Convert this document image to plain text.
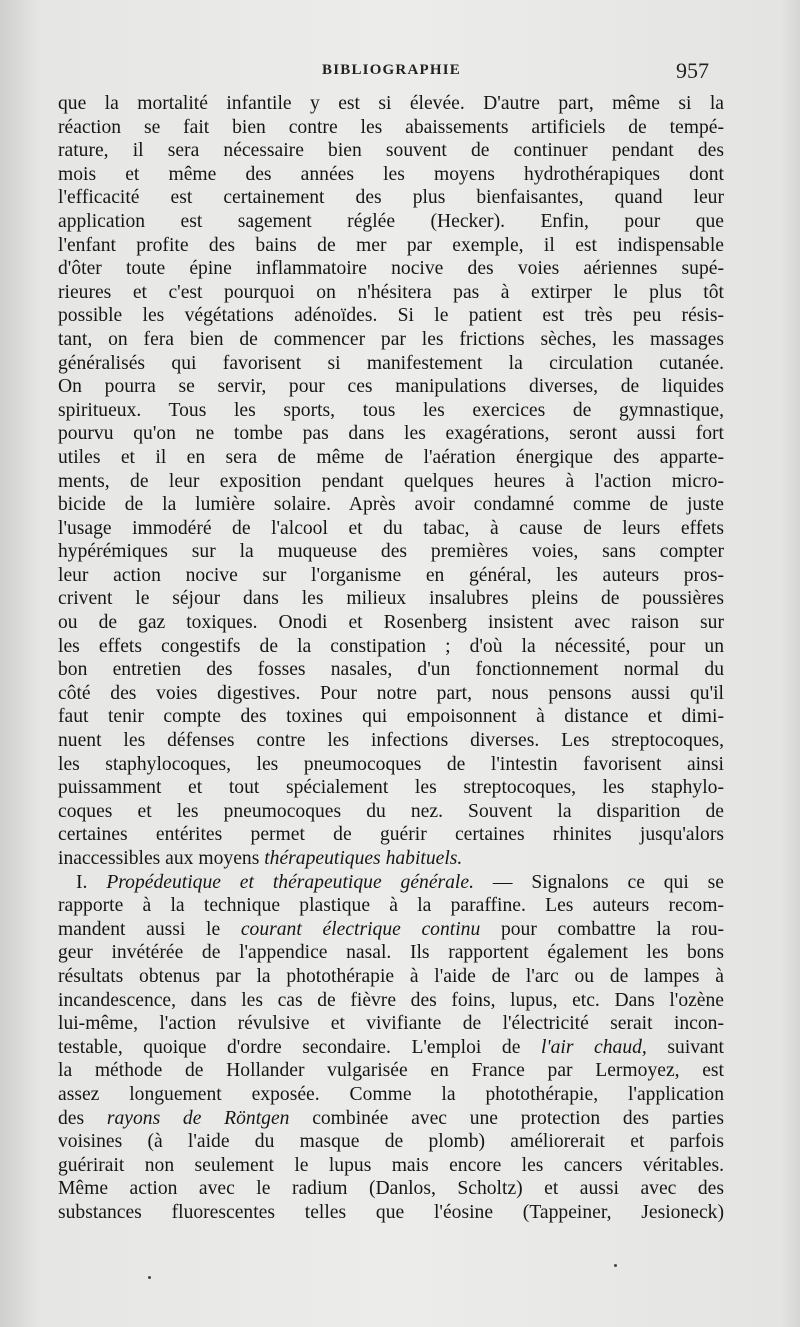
BIBLIOGRAPHIE	957
que la mortalité infantile y est si élevée. D'autre part, même si la
réaction se fait bien contre les abaissements artificiels de tempé-
rature, il sera nécessaire bien souvent de continuer pendant des
mois et même des années les moyens hydrothérapiques dont
l'efficacité est certainement des plus bienfaisantes, quand leur
application est sagement réglée (Hecker). Enfin, pour que
l'enfant profite des bains de mer par exemple, il est indispensable
d'ôter toute épine inflammatoire nocive des voies aériennes supé-
rieures et c'est pourquoi on n'hésitera pas à extirper le plus tôt
possible les végétations adénoïdes. Si le patient est très peu résis-
tant, on fera bien de commencer par les frictions sèches, les massages
généralisés qui favorisent si manifestement la circulation cutanée.
On pourra se servir, pour ces manipulations diverses, de liquides
spiritueux. Tous les sports, tous les exercices de gymnastique,
pourvu qu'on ne tombe pas dans les exagérations, seront aussi fort
utiles et il en sera de même de l'aération énergique des apparte-
ments, de leur exposition pendant quelques heures à l'action micro-
bicide de la lumière solaire. Après avoir condamné comme de juste
l'usage immodéré de l'alcool et du tabac, à cause de leurs effets
hypérémiques sur la muqueuse des premières voies, sans compter
leur action nocive sur l'organisme en général, les auteurs pros-
crivent le séjour dans les milieux insalubres pleins de poussières
ou de gaz toxiques. Onodi et Rosenberg insistent avec raison sur
les effets congestifs de la constipation ; d'où la nécessité, pour un
bon entretien des fosses nasales, d'un fonctionnement normal du
côté des voies digestives. Pour notre part, nous pensons aussi qu'il
faut tenir compte des toxines qui empoisonnent à distance et dimi-
nuent les défenses contre les infections diverses. Les streptocoques,
les staphylocoques, les pneumocoques de l'intestin favorisent ainsi
puissamment et tout spécialement les streptocoques, les staphylo-
coques et les pneumocoques du nez. Souvent la disparition de
certaines entérites permet de guérir certaines rhinites jusqu'alors
inaccessibles aux moyens thérapeutiques habituels.
I. Propédeutique et thérapeutique générale. — Signalons ce qui se
rapporte à la technique plastique à la paraffine. Les auteurs recom-
mandent aussi le courant électrique continu pour combattre la rou-
geur invétérée de l'appendice nasal. Ils rapportent également les bons
résultats obtenus par la photothérapie à l'aide de l'arc ou de lampes à
incandescence, dans les cas de fièvre des foins, lupus, etc. Dans l'ozène
lui-même, l'action révulsive et vivifiante de l'électricité serait incon-
testable, quoique d'ordre secondaire. L'emploi de l'air chaud, suivant
la méthode de Hollander vulgarisée en France par Lermoyez, est
assez longuement exposée. Comme la photothérapie, l'application
des rayons de Röntgen combinée avec une protection des parties
voisines (à l'aide du masque de plomb) améliorerait et parfois
guérirait non seulement le lupus mais encore les cancers véritables.
Même action avec le radium (Danlos, Scholtz) et aussi avec des
substances fluorescentes telles que l'éosine (Tappeiner, Jesioneck)
